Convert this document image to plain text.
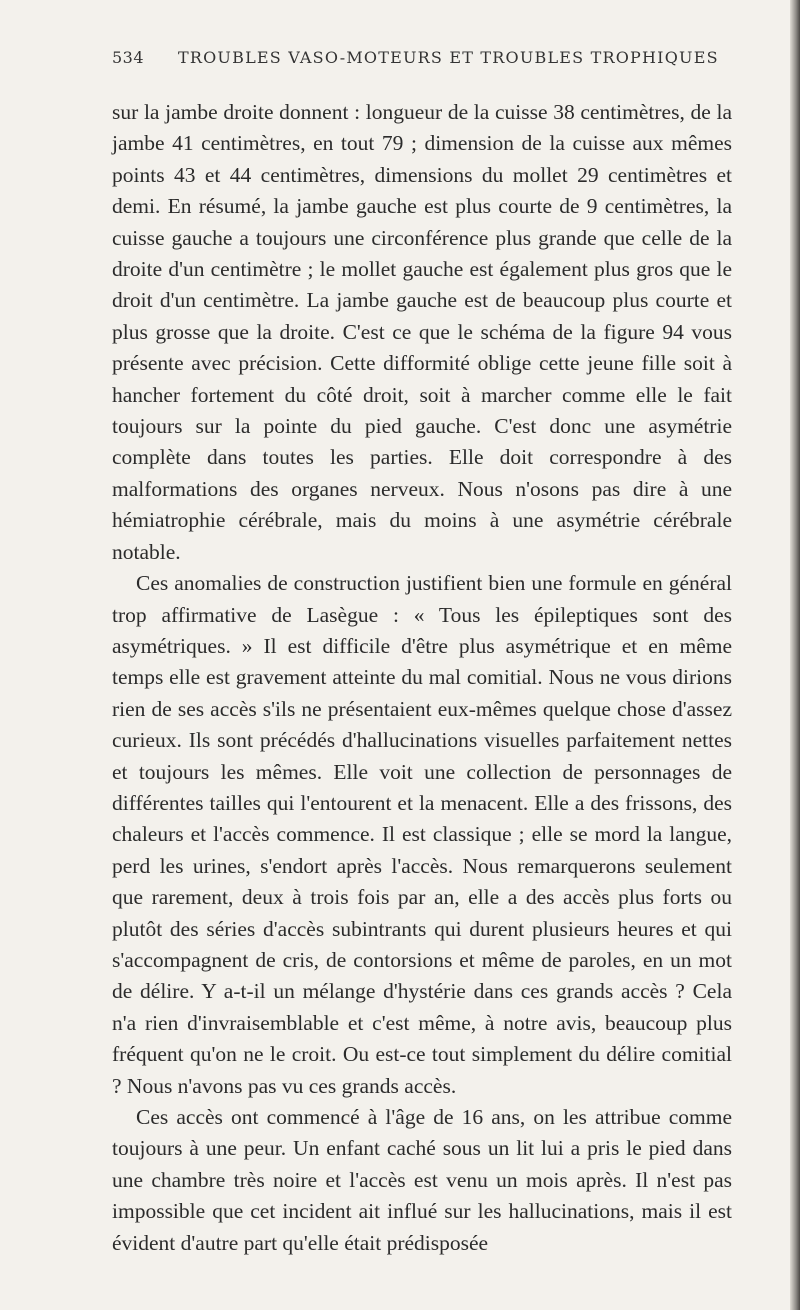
534 TROUBLES VASO-MOTEURS ET TROUBLES TROPHIQUES

sur la jambe droite donnent : longueur de la cuisse 38 centimètres, de la jambe 41 centimètres, en tout 79 ; dimension de la cuisse aux mêmes points 43 et 44 centimètres, dimensions du mollet 29 centimètres et demi. En résumé, la jambe gauche est plus courte de 9 centimètres, la cuisse gauche a toujours une circonférence plus grande que celle de la droite d'un centimètre ; le mollet gauche est également plus gros que le droit d'un centimètre. La jambe gauche est de beaucoup plus courte et plus grosse que la droite. C'est ce que le schéma de la figure 94 vous présente avec précision. Cette difformité oblige cette jeune fille soit à hancher fortement du côté droit, soit à marcher comme elle le fait toujours sur la pointe du pied gauche. C'est donc une asymétrie complète dans toutes les parties. Elle doit correspondre à des malformations des organes nerveux. Nous n'osons pas dire à une hémiatrophie cérébrale, mais du moins à une asymétrie cérébrale notable.

Ces anomalies de construction justifient bien une formule en général trop affirmative de Lasègue : « Tous les épileptiques sont des asymétriques. » Il est difficile d'être plus asymétrique et en même temps elle est gravement atteinte du mal comitial. Nous ne vous dirions rien de ses accès s'ils ne présentaient eux-mêmes quelque chose d'assez curieux. Ils sont précédés d'hallucinations visuelles parfaitement nettes et toujours les mêmes. Elle voit une collection de personnages de différentes tailles qui l'entourent et la menacent. Elle a des frissons, des chaleurs et l'accès commence. Il est classique ; elle se mord la langue, perd les urines, s'endort après l'accès. Nous remarquerons seulement que rarement, deux à trois fois par an, elle a des accès plus forts ou plutôt des séries d'accès subintrants qui durent plusieurs heures et qui s'accompagnent de cris, de contorsions et même de paroles, en un mot de délire. Y a-t-il un mélange d'hystérie dans ces grands accès ? Cela n'a rien d'invraisemblable et c'est même, à notre avis, beaucoup plus fréquent qu'on ne le croit. Ou est-ce tout simplement du délire comitial ? Nous n'avons pas vu ces grands accès.

Ces accès ont commencé à l'âge de 16 ans, on les attribue comme toujours à une peur. Un enfant caché sous un lit lui a pris le pied dans une chambre très noire et l'accès est venu un mois après. Il n'est pas impossible que cet incident ait influé sur les hallucinations, mais il est évident d'autre part qu'elle était prédisposée
